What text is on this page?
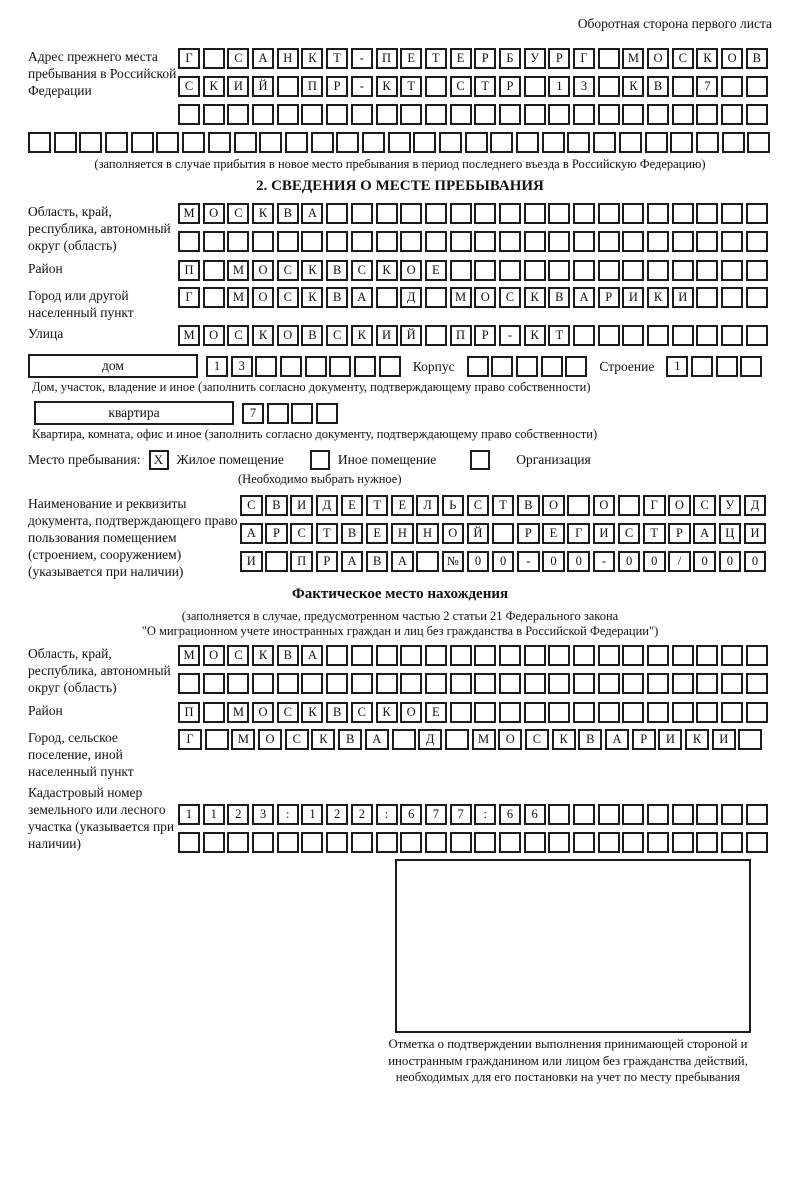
Оборотная сторона первого листа
Адрес прежнего места пребывания в Российской Федерации
Г	С	А	Н	К	Т	-	П	Е	Т	Е	Р	Б	У	Р	Г	М	О	С	К	О	В
С	К	И	Й	П	Р	-	К	Т	С	Т	Р	1	3	К	В	7
(заполняется в случае прибытия в новое место пребывания в период последнего въезда в Российскую Федерацию)
2. СВЕДЕНИЯ О МЕСТЕ ПРЕБЫВАНИЯ
Область, край, республика, автономный округ (область)
М	О	С	К	В	А
Район	П	М	О	С	К	В	С	К	О	Е
Город или другой населенный пункт
Г	М	О	С	К	В	А	Д	М	О	С	К	В	А	Р	И	К	И
Улица	М	О	С	К	О	В	С	К	И	Й	П	Р	-	К	Т
дом	1	3	Корпус	Строение	1
Дом, участок, владение и иное (заполнить согласно документу, подтверждающему право собственности)
квартира	7
Квартира, комната, офис и иное (заполнить согласно документу, подтверждающему право собственности)
Место пребывания:	X Жилое помещение	Иное помещение	Организация
(Необходимо выбрать нужное)
Наименование и реквизиты документа, подтверждающего право пользования помещением (строением, сооружением) (указывается при наличии)
С	В	И	Д	Е	Т	Е	Л	Ь	С	Т	В	О	О	Г	О	С	У	Д
А	Р	С	Т	В	Е	Н	Н	О	Й	Р	Е	Г	И	С	Т	Р	А	Ц	И
И	П	Р	А	В	А	№	0	0	-	0	0	-	0	0	/	0	0	0
Фактическое место нахождения
(заполняется в случае, предусмотренном частью 2 статьи 21 Федерального закона
"О миграционном учете иностранных граждан и лиц без гражданства в Российской Федерации")
Область, край, республика, автономный округ (область)
М	О	С	К	В	А
Район	П	М	О	С	К	В	С	К	О	Е
Город, сельское поселение, иной населенный пункт
Г	М	О	С	К	В	А	Д	М	О	С	К	В	А	Р	И	К	И
Кадастровый номер земельного или лесного участка (указывается при наличии)
1	1	2	3	:	1	2	2	:	6	7	7	:	6	6
Отметка о подтверждении выполнения принимающей стороной и иностранным гражданином или лицом без гражданства действий, необходимых для его постановки на учет по месту пребывания
